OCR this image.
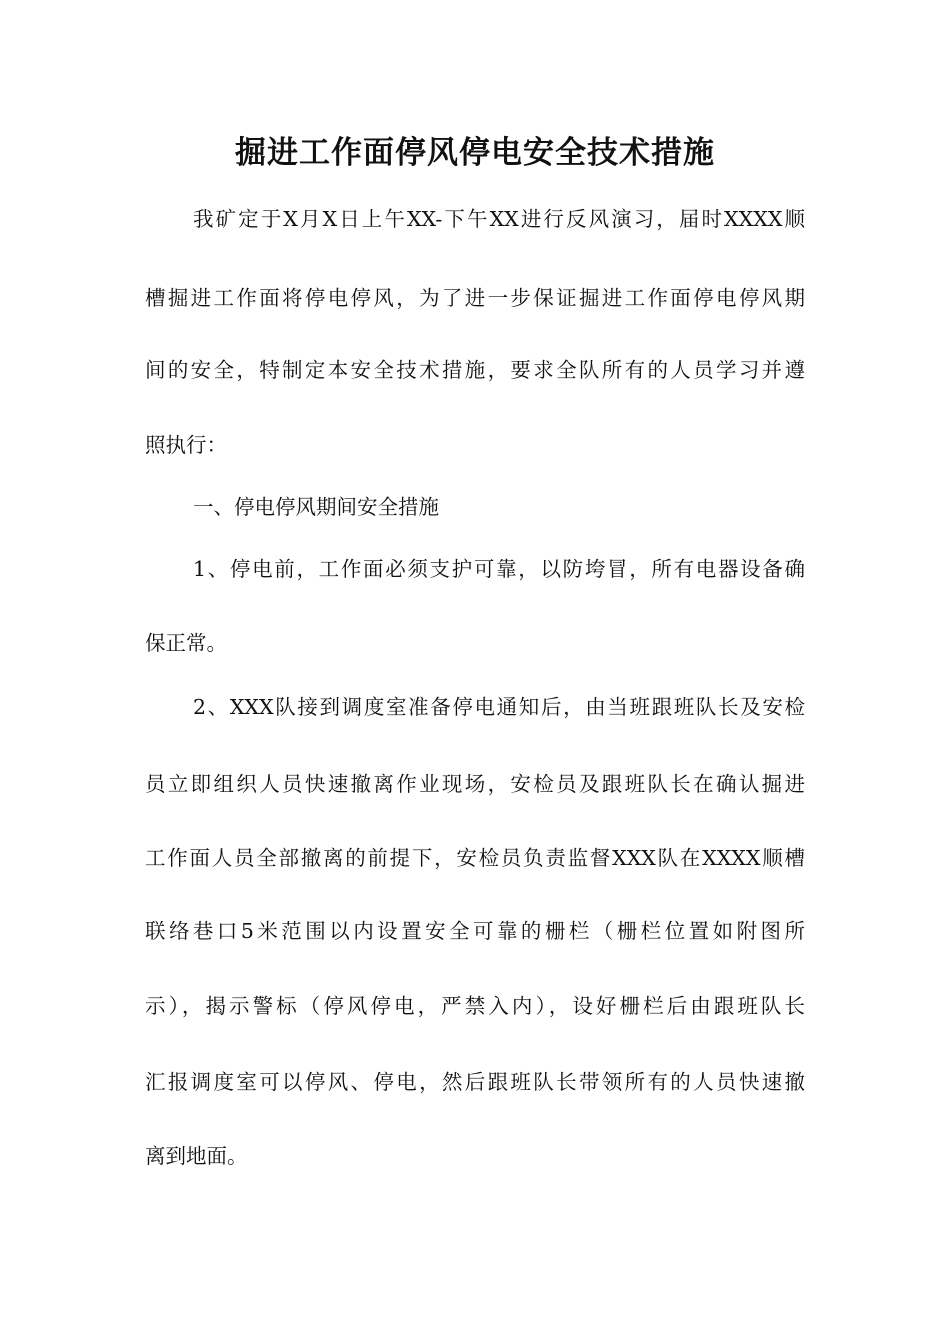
掘进工作面停风停电安全技术措施
我矿定于X月X日上午XX-下午XX进行反风演习，届时XXXX顺
槽掘进工作面将停电停风，为了进一步保证掘进工作面停电停风期
间的安全，特制定本安全技术措施，要求全队所有的人员学习并遵
照执行：
一、停电停风期间安全措施
1、停电前，工作面必须支护可靠，以防垮冒，所有电器设备确
保正常。
2、XXX队接到调度室准备停电通知后，由当班跟班队长及安检
员立即组织人员快速撤离作业现场，安检员及跟班队长在确认掘进
工作面人员全部撤离的前提下，安检员负责监督XXX队在XXXX顺槽
联络巷口5米范围以内设置安全可靠的栅栏（栅栏位置如附图所
示），揭示警标（停风停电，严禁入内），设好栅栏后由跟班队长
汇报调度室可以停风、停电，然后跟班队长带领所有的人员快速撤
离到地面。
